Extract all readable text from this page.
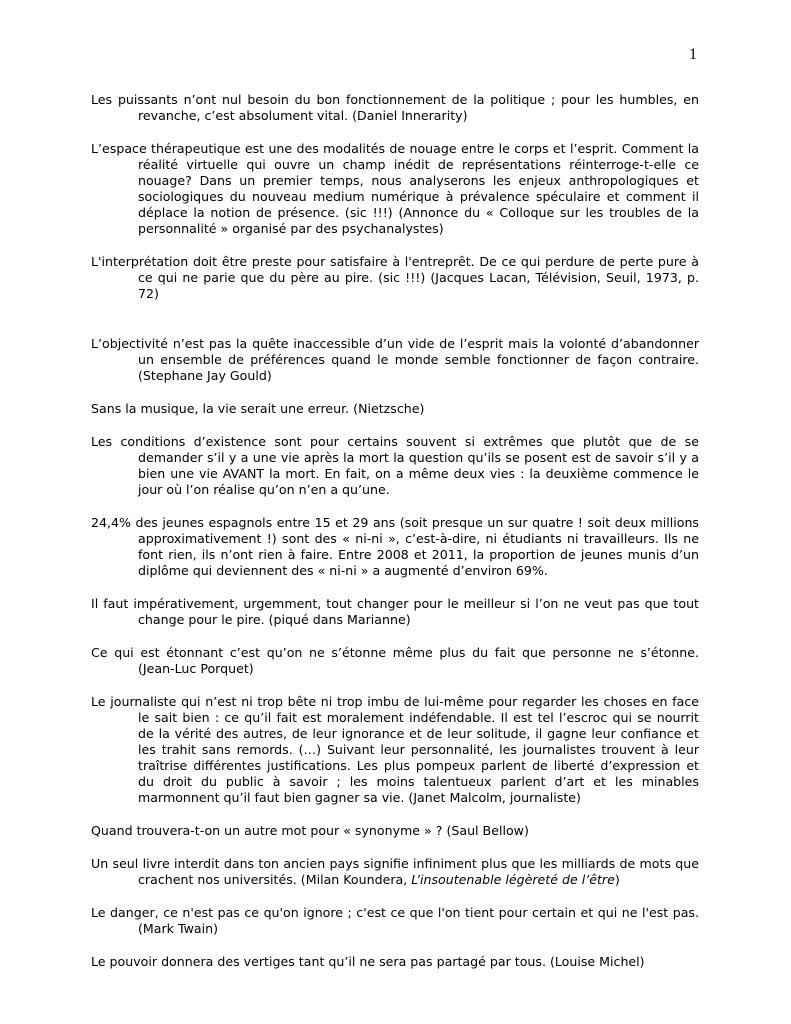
1

Les puissants n’ont nul besoin du bon fonctionnement de la politique ; pour les humbles, en revanche, c’est absolument vital. (Daniel Innerarity)

L’espace thérapeutique est une des modalités de nouage entre le corps et l’esprit. Comment la réalité virtuelle qui ouvre un champ inédit de représentations réinterroge-t-elle ce nouage? Dans un premier temps, nous analyserons les enjeux anthropologiques et sociologiques du nouveau medium numérique à prévalence spéculaire et comment il déplace la notion de présence. (sic !!!) (Annonce du « Colloque sur les troubles de la personnalité » organisé par des psychanalystes)

L'interprétation doit être preste pour satisfaire à l'entreprêt. De ce qui perdure de perte pure à ce qui ne parie que du père au pire. (sic !!!) (Jacques Lacan, Télévision, Seuil, 1973, p. 72)

L’objectivité n’est pas la quête inaccessible d’un vide de l’esprit mais la volonté d’abandonner un ensemble de préférences quand le monde semble fonctionner de façon contraire. (Stephane Jay Gould)

Sans la musique, la vie serait une erreur. (Nietzsche)

Les conditions d’existence sont pour certains souvent si extrêmes que plutôt que de se demander s’il y a une vie après la mort la question qu’ils se posent est de savoir s’il y a bien une vie AVANT la mort. En fait, on a même deux vies : la deuxième commence le jour où l’on réalise qu’on n’en a qu’une.

24,4% des jeunes espagnols entre 15 et 29 ans (soit presque un sur quatre ! soit deux millions approximativement !) sont des « ni-ni », c’est-à-dire, ni étudiants ni travailleurs. Ils ne font rien, ils n’ont rien à faire. Entre 2008 et 2011, la proportion de jeunes munis d’un diplôme qui deviennent des « ni-ni » a augmenté d’environ 69%.

Il faut impérativement, urgemment, tout changer pour le meilleur si l’on ne veut pas que tout change pour le pire. (piqué dans Marianne)

Ce qui est étonnant c’est qu’on ne s’étonne même plus du fait que personne ne s’étonne. (Jean-Luc Porquet)

Le journaliste qui n’est ni trop bête ni trop imbu de lui-même pour regarder les choses en face le sait bien : ce qu’il fait est moralement indéfendable. Il est tel l’escroc qui se nourrit de la vérité des autres, de leur ignorance et de leur solitude, il gagne leur confiance et les trahit sans remords. (…) Suivant leur personnalité, les journalistes trouvent à leur traîtrise différentes justifications. Les plus pompeux parlent de liberté d’expression et du droit du public à savoir ; les moins talentueux parlent d’art et les minables marmonnent qu’il faut bien gagner sa vie. (Janet Malcolm, journaliste)

Quand trouvera-t-on un autre mot pour « synonyme » ? (Saul Bellow)

Un seul livre interdit dans ton ancien pays signifie infiniment plus que les milliards de mots que crachent nos universités. (Milan Koundera, L’insoutenable légèreté de l’être)

Le danger, ce n'est pas ce qu'on ignore ; c'est ce que l'on tient pour certain et qui ne l'est pas. (Mark Twain)

Le pouvoir donnera des vertiges tant qu’il ne sera pas partagé par tous. (Louise Michel)
